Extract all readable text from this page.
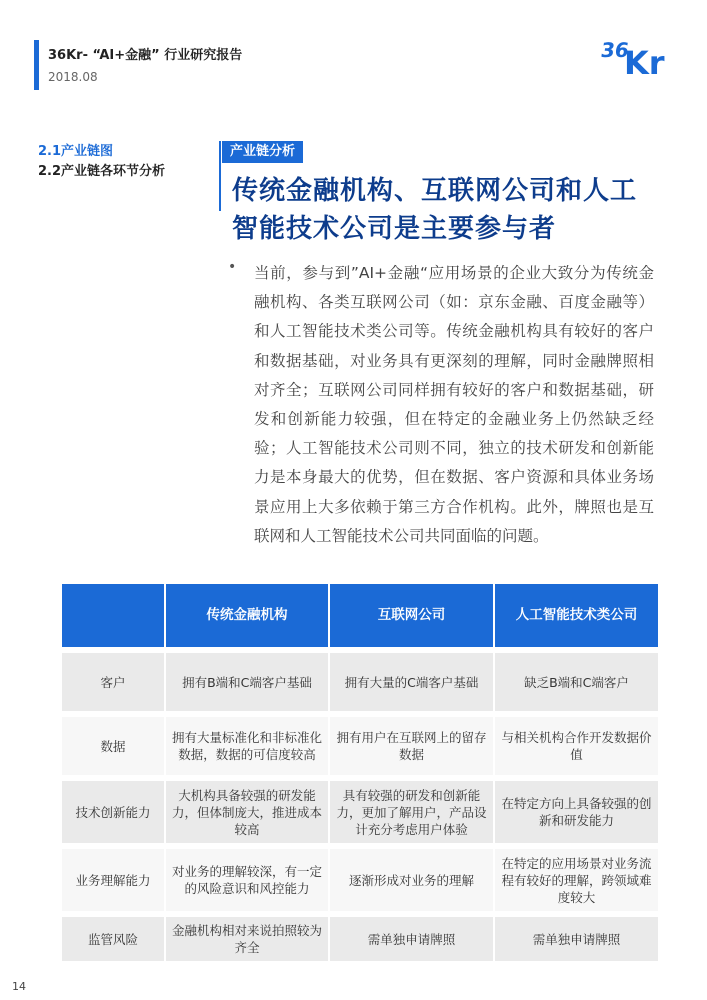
36Kr- “AI+金融” 行业研究报告
2018.08
36
Kr
2.1产业链图
2.2产业链各环节分析
产业链分析
传统金融机构、互联网公司和人工智能技术公司是主要参与者
• 当前，参与到”AI+金融“应用场景的企业大致分为传统金融机构、各类互联网公司（如：京东金融、百度金融等）和人工智能技术类公司等。传统金融机构具有较好的客户和数据基础，对业务具有更深刻的理解，同时金融牌照相对齐全；互联网公司同样拥有较好的客户和数据基础，研发和创新能力较强，但在特定的金融业务上仍然缺乏经验；人工智能技术公司则不同，独立的技术研发和创新能力是本身最大的优势，但在数据、客户资源和具体业务场景应用上大多依赖于第三方合作机构。此外，牌照也是互联网和人工智能技术公司共同面临的问题。
	传统金融机构	互联网公司	人工智能技术类公司
客户	拥有B端和C端客户基础	拥有大量的C端客户基础	缺乏B端和C端客户
数据	拥有大量标准化和非标准化数据，数据的可信度较高	拥有用户在互联网上的留存数据	与相关机构合作开发数据价值
技术创新能力	大机构具备较强的研发能力，但体制庞大，推进成本较高	具有较强的研发和创新能力，更加了解用户，产品设计充分考虑用户体验	在特定方向上具备较强的创新和研发能力
业务理解能力	对业务的理解较深，有一定的风险意识和风控能力	逐渐形成对业务的理解	在特定的应用场景对业务流程有较好的理解，跨领域难度较大
监管风险	金融机构相对来说拍照较为齐全	需单独申请牌照	需单独申请牌照
14
